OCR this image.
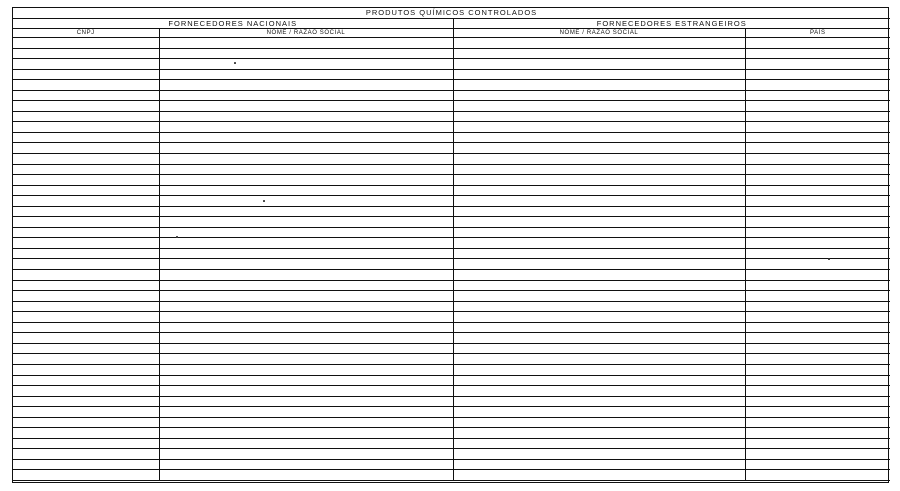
PRODUTOS QUÍMICOS CONTROLADOS			
FORNECEDORES NACIONAIS		FORNECEDORES ESTRANGEIROS	
CNPJ	NOME / RAZÃO SOCIAL	NOME / RAZÃO SOCIAL	PAÍS
